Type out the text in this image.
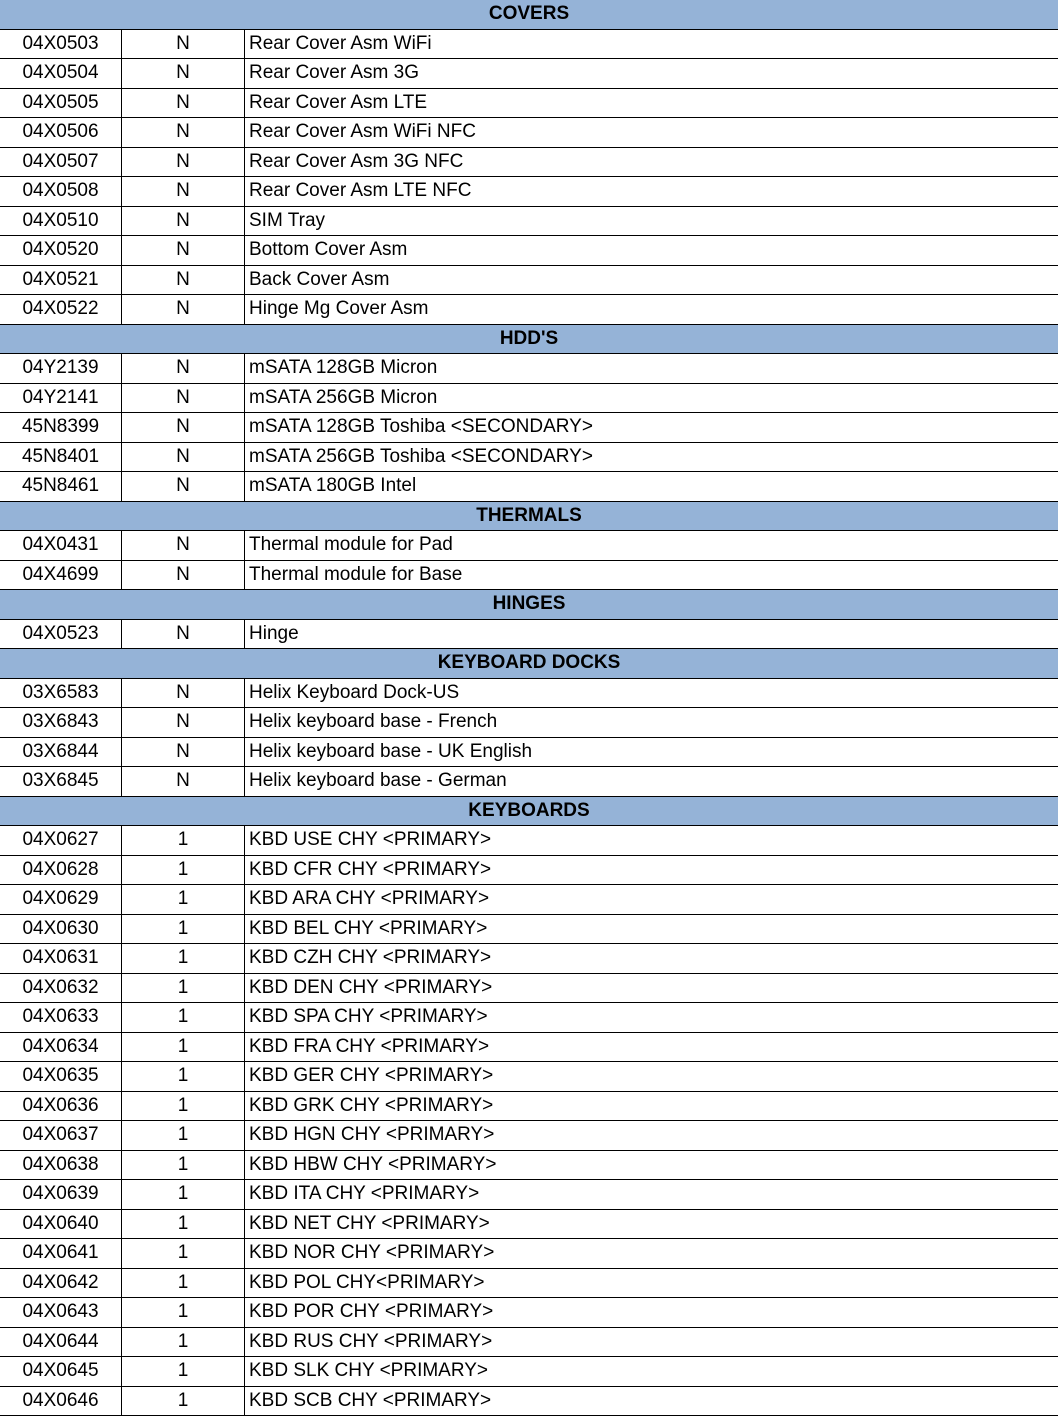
COVERS
04X0503	N	Rear Cover Asm WiFi
04X0504	N	Rear Cover Asm 3G
04X0505	N	Rear Cover Asm LTE
04X0506	N	Rear Cover Asm WiFi NFC
04X0507	N	Rear Cover Asm 3G NFC
04X0508	N	Rear Cover Asm LTE NFC
04X0510	N	SIM Tray
04X0520	N	Bottom Cover Asm
04X0521	N	Back Cover Asm
04X0522	N	Hinge Mg Cover Asm
HDD'S
04Y2139	N	mSATA 128GB Micron
04Y2141	N	mSATA 256GB Micron
45N8399	N	mSATA 128GB Toshiba <SECONDARY>
45N8401	N	mSATA 256GB Toshiba <SECONDARY>
45N8461	N	mSATA 180GB Intel
THERMALS
04X0431	N	Thermal module for Pad
04X4699	N	Thermal module for Base
HINGES
04X0523	N	Hinge
KEYBOARD DOCKS
03X6583	N	Helix Keyboard Dock-US
03X6843	N	Helix keyboard base - French
03X6844	N	Helix keyboard base - UK English
03X6845	N	Helix keyboard base - German
KEYBOARDS
04X0627	1	KBD USE CHY <PRIMARY>
04X0628	1	KBD CFR CHY <PRIMARY>
04X0629	1	KBD ARA CHY <PRIMARY>
04X0630	1	KBD BEL CHY <PRIMARY>
04X0631	1	KBD CZH CHY <PRIMARY>
04X0632	1	KBD DEN CHY <PRIMARY>
04X0633	1	KBD SPA CHY <PRIMARY>
04X0634	1	KBD FRA CHY <PRIMARY>
04X0635	1	KBD GER CHY <PRIMARY>
04X0636	1	KBD GRK CHY <PRIMARY>
04X0637	1	KBD HGN CHY <PRIMARY>
04X0638	1	KBD HBW CHY <PRIMARY>
04X0639	1	KBD ITA CHY <PRIMARY>
04X0640	1	KBD NET CHY <PRIMARY>
04X0641	1	KBD NOR CHY <PRIMARY>
04X0642	1	KBD POL CHY<PRIMARY>
04X0643	1	KBD POR CHY <PRIMARY>
04X0644	1	KBD RUS CHY <PRIMARY>
04X0645	1	KBD SLK CHY <PRIMARY>
04X0646	1	KBD SCB CHY <PRIMARY>
